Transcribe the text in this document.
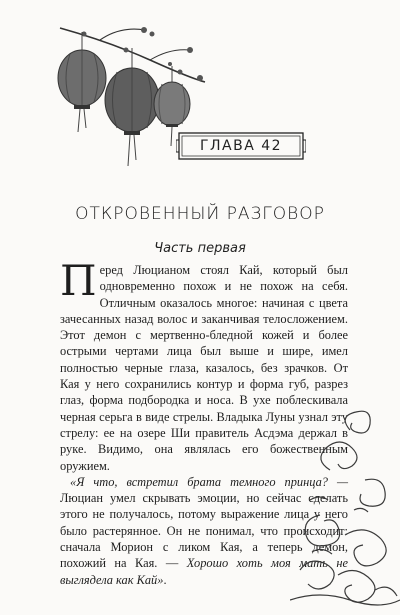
ГЛАВА 42
ОТКРОВЕННЫЙ РАЗГОВОР
Часть первая

Перед Люцианом стоял Кай, который был одновременно похож и не похож на себя. Отличным оказалось многое: начиная с цвета зачесанных назад волос и заканчивая телосложением. Этот демон с мертвенно-бледной кожей и более острыми чертами лица был выше и шире, имел полностью черные глаза, казалось, без зрачков. От Кая у него сохранились контур и форма губ, разрез глаз, форма подбородка и носа. В ухе поблескивала черная серьга в виде стрелы. Владыка Луны узнал эту стрелу: ее на озере Ши правитель Асдэма держал в руке. Видимо, она являлась его божественным оружием.

«Я что, встретил брата темного принца? — Люциан умел скрывать эмоции, но сейчас сделать этого не получалось, потому выражение лица у него было растерянное. Он не понимал, что происходит: сначала Морион с ликом Кая, а теперь демон, похожий на Кая. — Хорошо хоть моя мать не выглядела как Кай».
